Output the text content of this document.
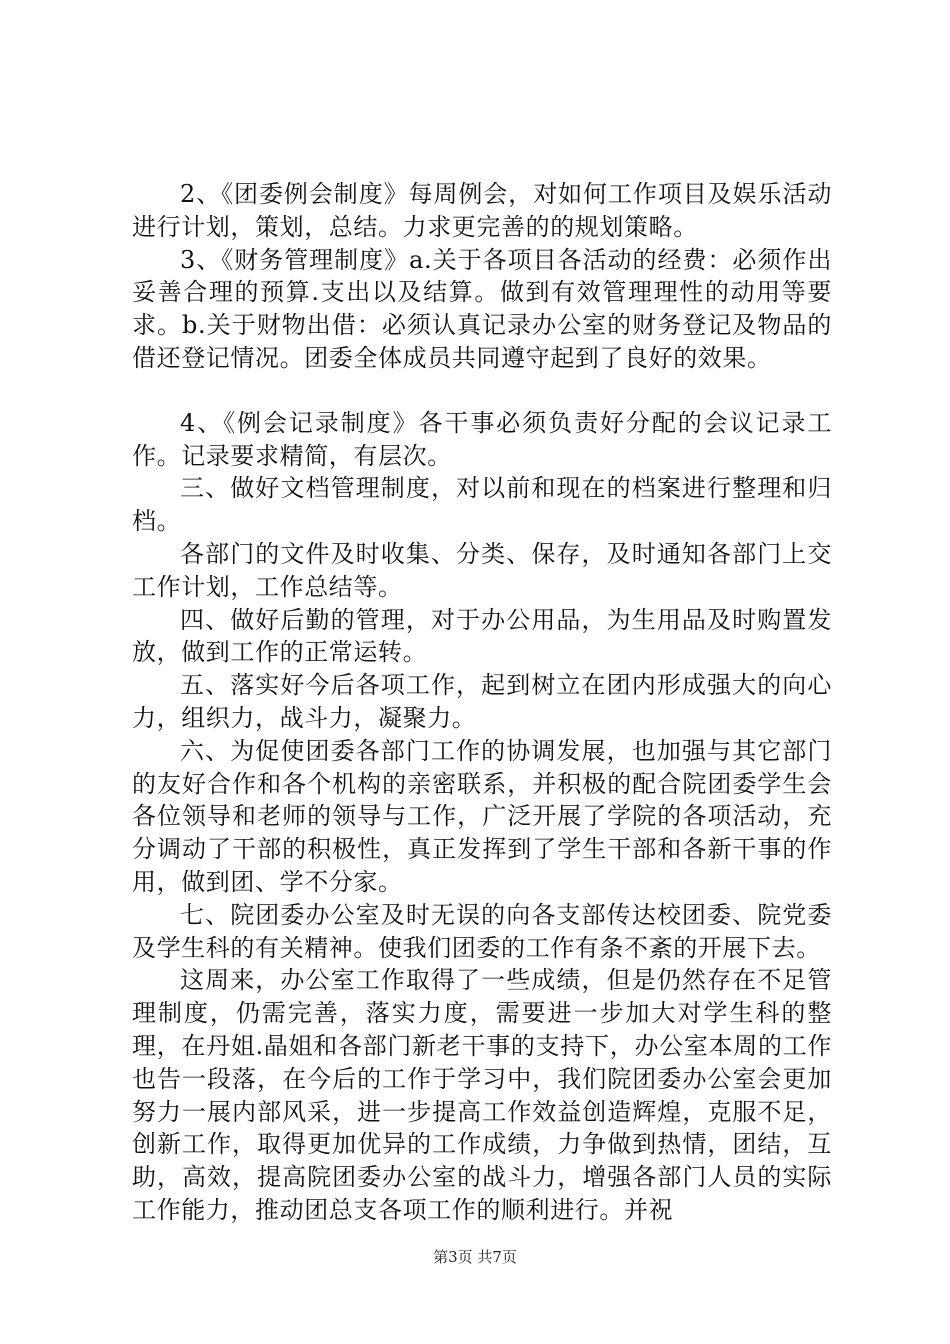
2、《团委例会制度》每周例会，对如何工作项目及娱乐活动进行计划，策划，总结。力求更完善的的规划策略。

3、《财务管理制度》a.关于各项目各活动的经费：必须作出妥善合理的预算.支出以及结算。做到有效管理理性的动用等要求。b.关于财物出借：必须认真记录办公室的财务登记及物品的借还登记情况。团委全体成员共同遵守起到了良好的效果。

4、《例会记录制度》各干事必须负责好分配的会议记录工作。记录要求精简，有层次。

三、做好文档管理制度，对以前和现在的档案进行整理和归档。

各部门的文件及时收集、分类、保存，及时通知各部门上交工作计划，工作总结等。

四、做好后勤的管理，对于办公用品，为生用品及时购置发放，做到工作的正常运转。

五、落实好今后各项工作，起到树立在团内形成强大的向心力，组织力，战斗力，凝聚力。

六、为促使团委各部门工作的协调发展，也加强与其它部门的友好合作和各个机构的亲密联系，并积极的配合院团委学生会各位领导和老师的领导与工作，广泛开展了学院的各项活动，充分调动了干部的积极性，真正发挥到了学生干部和各新干事的作用，做到团、学不分家。

七、院团委办公室及时无误的向各支部传达校团委、院党委及学生科的有关精神。使我们团委的工作有条不紊的开展下去。

这周来，办公室工作取得了一些成绩，但是仍然存在不足管理制度，仍需完善，落实力度，需要进一步加大对学生科的整理，在丹姐.晶姐和各部门新老干事的支持下，办公室本周的工作也告一段落，在今后的工作于学习中，我们院团委办公室会更加努力一展内部风采，进一步提高工作效益创造辉煌，克服不足，创新工作，取得更加优异的工作成绩，力争做到热情，团结，互助，高效，提高院团委办公室的战斗力，增强各部门人员的实际工作能力，推动团总支各项工作的顺利进行。并祝

第3页 共7页
